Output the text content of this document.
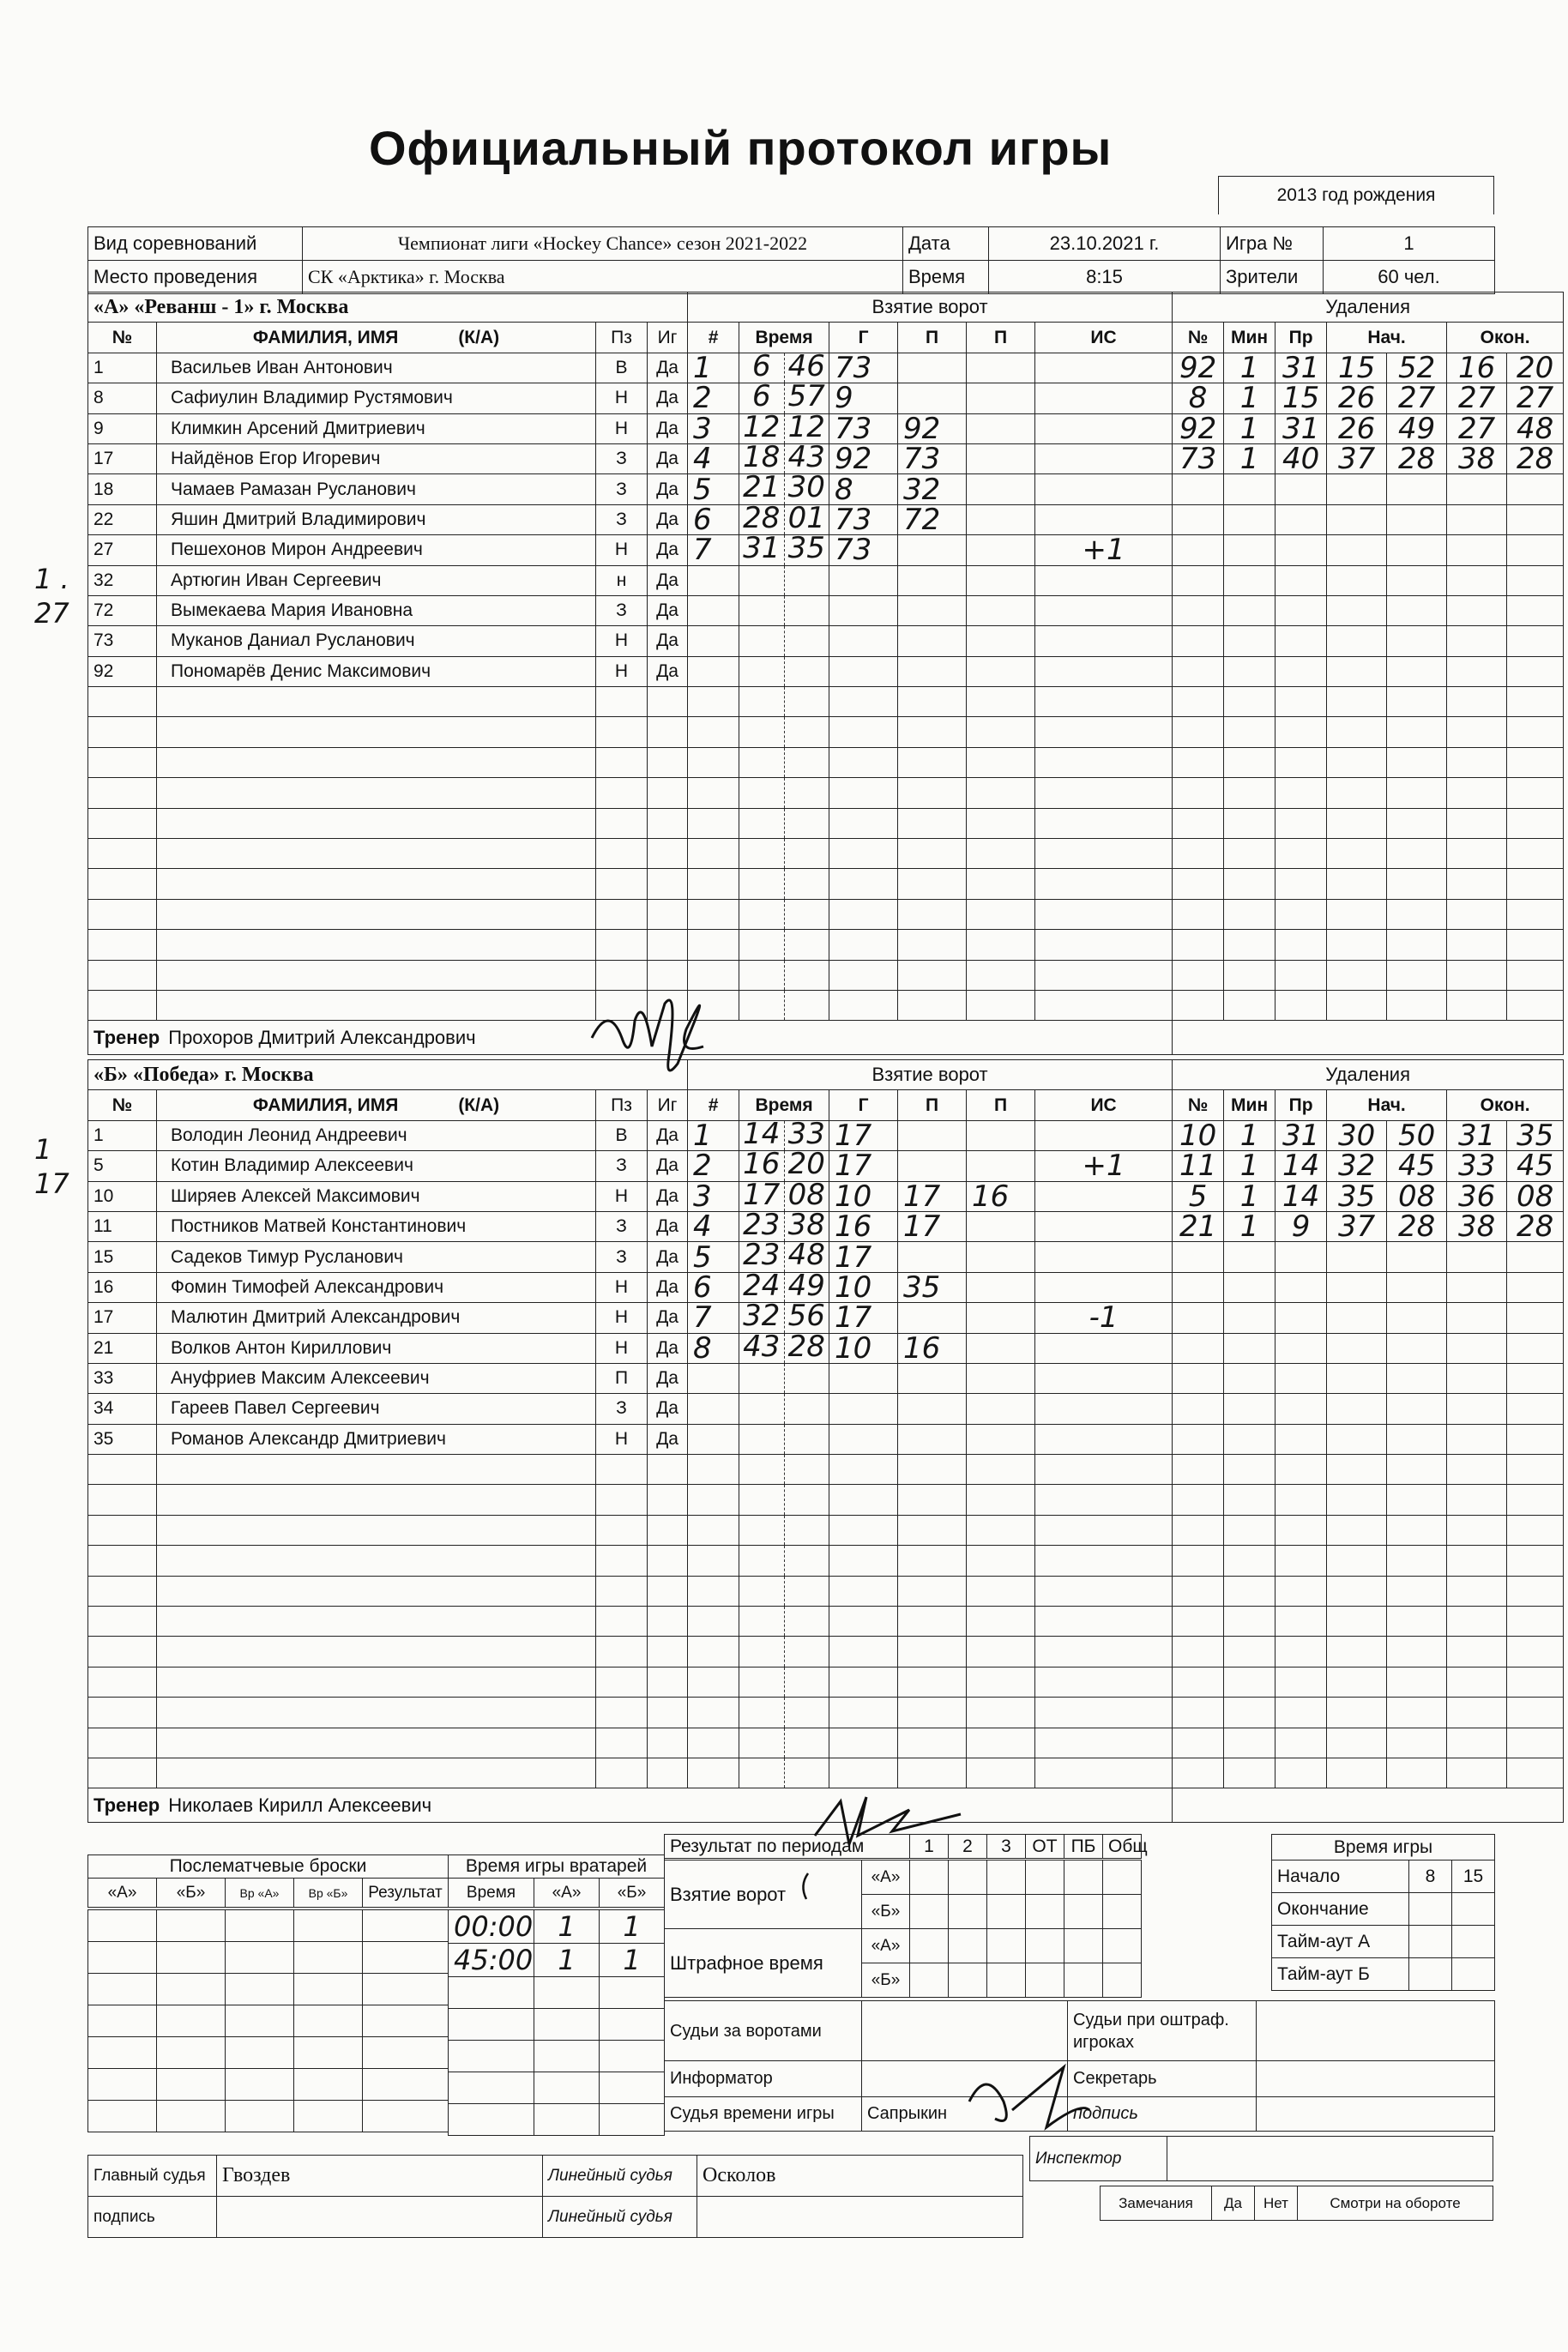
Официальный протокол игры
2013 год рождения
Вид соревнований	Чемпионат лиги «Hockey Chance» сезон 2021-2022	Дата	23.10.2021 г.	Игра №	1
Место проведения	СК «Арктика» г. Москва	Время	8:15	Зрители	60 чел.
«А» «Реванш - 1» г. Москва				Взятие ворот						Удаления						
№	ФАМИЛИЯ, ИМЯ (К/А)	Пз	Иг	#	Время	Г	П	П	ИС	№	Мин	Пр	Нач.		Окон.	
1	Васильев Иван Антонович	В	Да	1	6 46	73				92	1	31	15	52	16	20
8	Сафиулин Владимир Рустямович	Н	Да	2	6 57	9				8	1	15	26	27	27	27
9	Климкин Арсений Дмитриевич	Н	Да	3	12 12	73	92			92	1	31	26	49	27	48
17	Найдёнов Егор Игоревич	З	Да	4	18 43	92	73			73	1	40	37	28	38	28
18	Чамаев Рамазан Русланович	З	Да	5	21 30	8	32									
22	Яшин Дмитрий Владимирович	З	Да	6	28 01	73	72									
27	Пешехонов Мирон Андреевич	Н	Да	7	31 35	73			+1							
32	Артюгин Иван Сергеевич	н	Да		

72	Вымекаева Мария Ивановна	З	Да		

73	Муканов Даниал Русланович	Н	Да		

92	Пономарёв Денис Максимович	Н	Да		

Тренер Прохоров Дмитрий Александрович																
«Б» «Победа» г. Москва				Взятие ворот						Удаления						
№	ФАМИЛИЯ, ИМЯ (К/А)	Пз	Иг	#	Время	Г	П	П	ИС	№	Мин	Пр	Нач.		Окон.	
1	Володин Леонид Андреевич	В	Да	1	14 33	17				10	1	31	30	50	31	35
5	Котин Владимир Алексеевич	З	Да	2	16 20	17			+1	11	1	14	32	45	33	45
10	Ширяев Алексей Максимович	Н	Да	3	17 08	10	17	16		5	1	14	35	08	36	08
11	Постников Матвей Константинович	З	Да	4	23 38	16	17			21	1	9	37	28	38	28
15	Садеков Тимур Русланович	З	Да	5	23 48	17										
16	Фомин Тимофей Александрович	Н	Да	6	24 49	10	35									
17	Малютин Дмитрий Александрович	Н	Да	7	32 56	17			-1							
21	Волков Антон Кириллович	Н	Да	8	43 28	10	16									
33	Ануфриев Максим Алексеевич	П	Да		

34	Гареев Павел Сергеевич	З	Да		

35	Романов Александр Дмитриевич	Н	Да		

Тренер Николаев Кирилл Алексеевич																
1 .
27
1
17
Послематчевые броски
«А»	«Б»	Вр «А»	Вр «Б»	Результат

Время игры вратарей
Время	«А»	«Б»
00:00	1	1
45:00	1	1

Результат по периодам	1	2	3	ОТ	ПБ	Общ
Взятие ворот	«А»						
	«Б»						
Штрафное время	«А»						
	«Б»						
Время игры		
Начало	8	15
Окончание		
Тайм-аут А		
Тайм-аут Б		
Судьи за воротами		Судьи при оштраф. игроках	
Информатор		Секретарь	
Судья времени игры	Сапрыкин	подпись	
Главный судья	Гвоздев	Линейный судья	Осколов
подпись		Линейный судья	
Инспектор	
Замечания	Да	Нет	Смотри на обороте
